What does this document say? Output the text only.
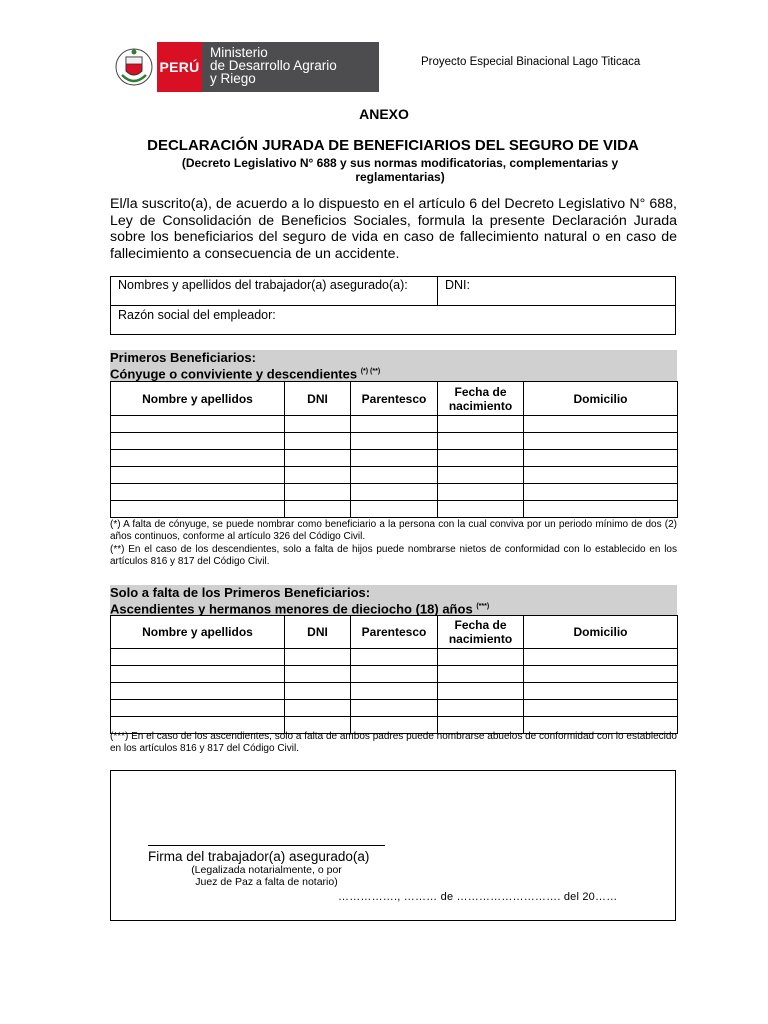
PERÚ
Ministerio
de Desarrollo Agrario
y Riego
Proyecto Especial Binacional Lago Titicaca
ANEXO
DECLARACIÓN JURADA DE BENEFICIARIOS DEL SEGURO DE VIDA
(Decreto Legislativo N° 688 y sus normas modificatorias, complementarias y reglamentarias)
El/la suscrito(a), de acuerdo a lo dispuesto en el artículo 6 del Decreto Legislativo N° 688, Ley de Consolidación de Beneficios Sociales, formula la presente Declaración Jurada sobre los beneficiarios del seguro de vida en caso de fallecimiento natural o en caso de fallecimiento a consecuencia de un accidente.
Nombres y apellidos del trabajador(a) asegurado(a):	DNI:
Razón social del empleador:
Primeros Beneficiarios:
Cónyuge o conviviente y descendientes (*) (**)
Nombre y apellidos	DNI	Parentesco	Fecha de nacimiento	Domicilio

(*) A falta de cónyuge, se puede nombrar como beneficiario a la persona con la cual conviva por un periodo mínimo de dos (2) años continuos, conforme al artículo 326 del Código Civil.
(**) En el caso de los descendientes, solo a falta de hijos puede nombrarse nietos de conformidad con lo establecido en los artículos 816 y 817 del Código Civil.
Solo a falta de los Primeros Beneficiarios:
Ascendientes y hermanos menores de dieciocho (18) años (***)
Nombre y apellidos	DNI	Parentesco	Fecha de nacimiento	Domicilio

(***) En el caso de los ascendientes, solo a falta de ambos padres puede nombrarse abuelos de conformidad con lo establecido en los artículos 816 y 817 del Código Civil.
Firma del trabajador(a) asegurado(a)
(Legalizada notarialmente, o por
Juez de Paz a falta de notario)
……………., ……… de ………………………. del 20……
